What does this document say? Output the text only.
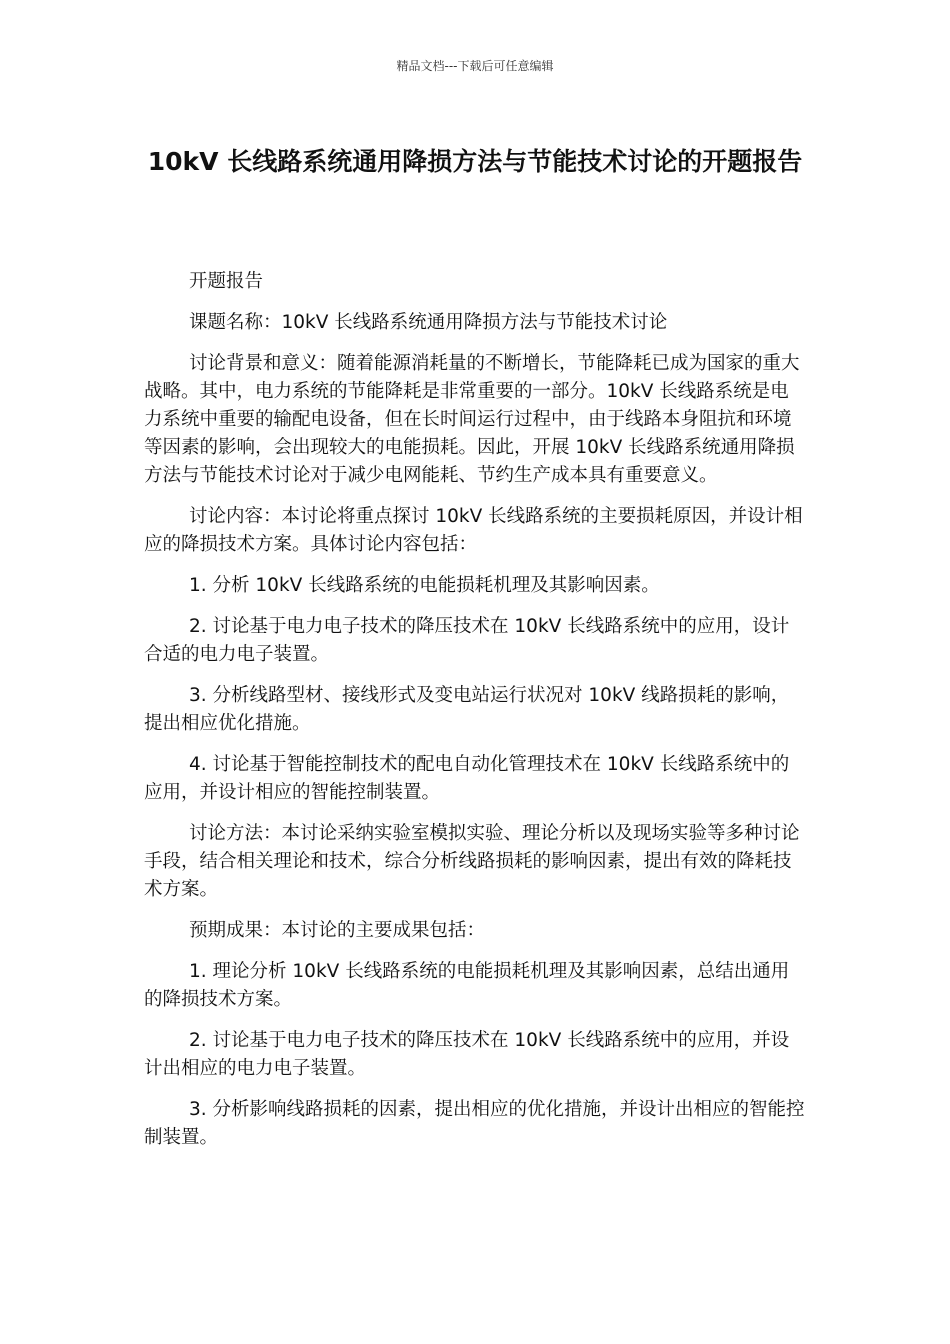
精品文档---下载后可任意编辑
10kV 长线路系统通用降损方法与节能技术讨论的开题报告

开题报告

课题名称：10kV 长线路系统通用降损方法与节能技术讨论

讨论背景和意义：随着能源消耗量的不断增长，节能降耗已成为国家的重大战略。其中，电力系统的节能降耗是非常重要的一部分。10kV 长线路系统是电力系统中重要的输配电设备，但在长时间运行过程中，由于线路本身阻抗和环境等因素的影响，会出现较大的电能损耗。因此，开展 10kV 长线路系统通用降损方法与节能技术讨论对于减少电网能耗、节约生产成本具有重要意义。

讨论内容：本讨论将重点探讨 10kV 长线路系统的主要损耗原因，并设计相应的降损技术方案。具体讨论内容包括：

1. 分析 10kV 长线路系统的电能损耗机理及其影响因素。

2. 讨论基于电力电子技术的降压技术在 10kV 长线路系统中的应用，设计合适的电力电子装置。

3. 分析线路型材、接线形式及变电站运行状况对 10kV 线路损耗的影响，提出相应优化措施。

4. 讨论基于智能控制技术的配电自动化管理技术在 10kV 长线路系统中的应用，并设计相应的智能控制装置。

讨论方法：本讨论采纳实验室模拟实验、理论分析以及现场实验等多种讨论手段，结合相关理论和技术，综合分析线路损耗的影响因素，提出有效的降耗技术方案。

预期成果：本讨论的主要成果包括：

1. 理论分析 10kV 长线路系统的电能损耗机理及其影响因素，总结出通用的降损技术方案。

2. 讨论基于电力电子技术的降压技术在 10kV 长线路系统中的应用，并设计出相应的电力电子装置。

3. 分析影响线路损耗的因素，提出相应的优化措施，并设计出相应的智能控制装置。
